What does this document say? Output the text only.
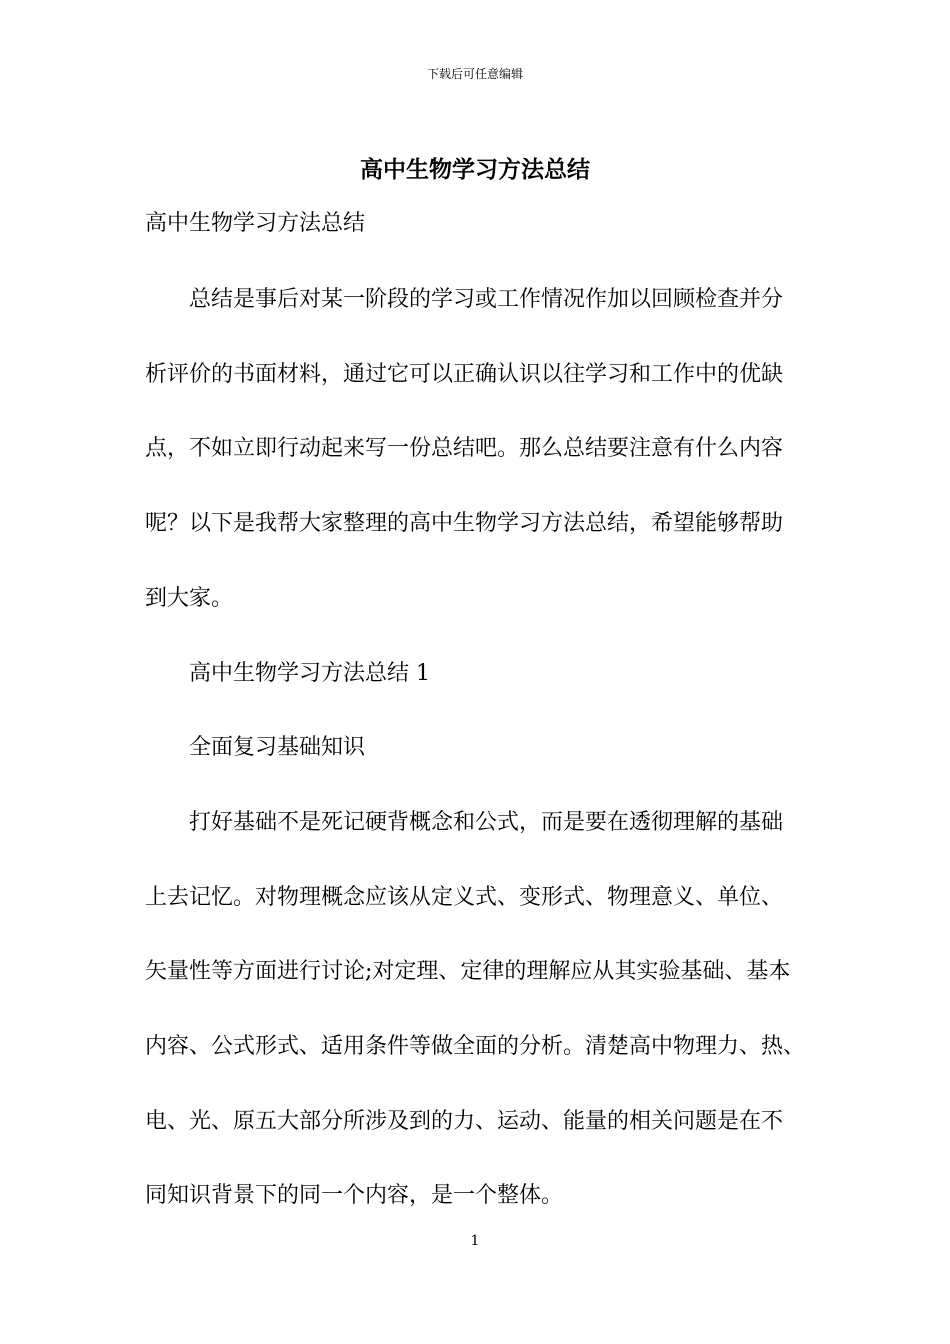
下载后可任意编辑
高中生物学习方法总结
高中生物学习方法总结
总结是事后对某一阶段的学习或工作情况作加以回顾检查并分
析评价的书面材料，通过它可以正确认识以往学习和工作中的优缺
点，不如立即行动起来写一份总结吧。那么总结要注意有什么内容
呢？以下是我帮大家整理的高中生物学习方法总结，希望能够帮助
到大家。
高中生物学习方法总结 1
全面复习基础知识
打好基础不是死记硬背概念和公式，而是要在透彻理解的基础
上去记忆。对物理概念应该从定义式、变形式、物理意义、单位、
矢量性等方面进行讨论;对定理、定律的理解应从其实验基础、基本
内容、公式形式、适用条件等做全面的分析。清楚高中物理力、热、
电、光、原五大部分所涉及到的力、运动、能量的相关问题是在不
同知识背景下的同一个内容，是一个整体。
1
